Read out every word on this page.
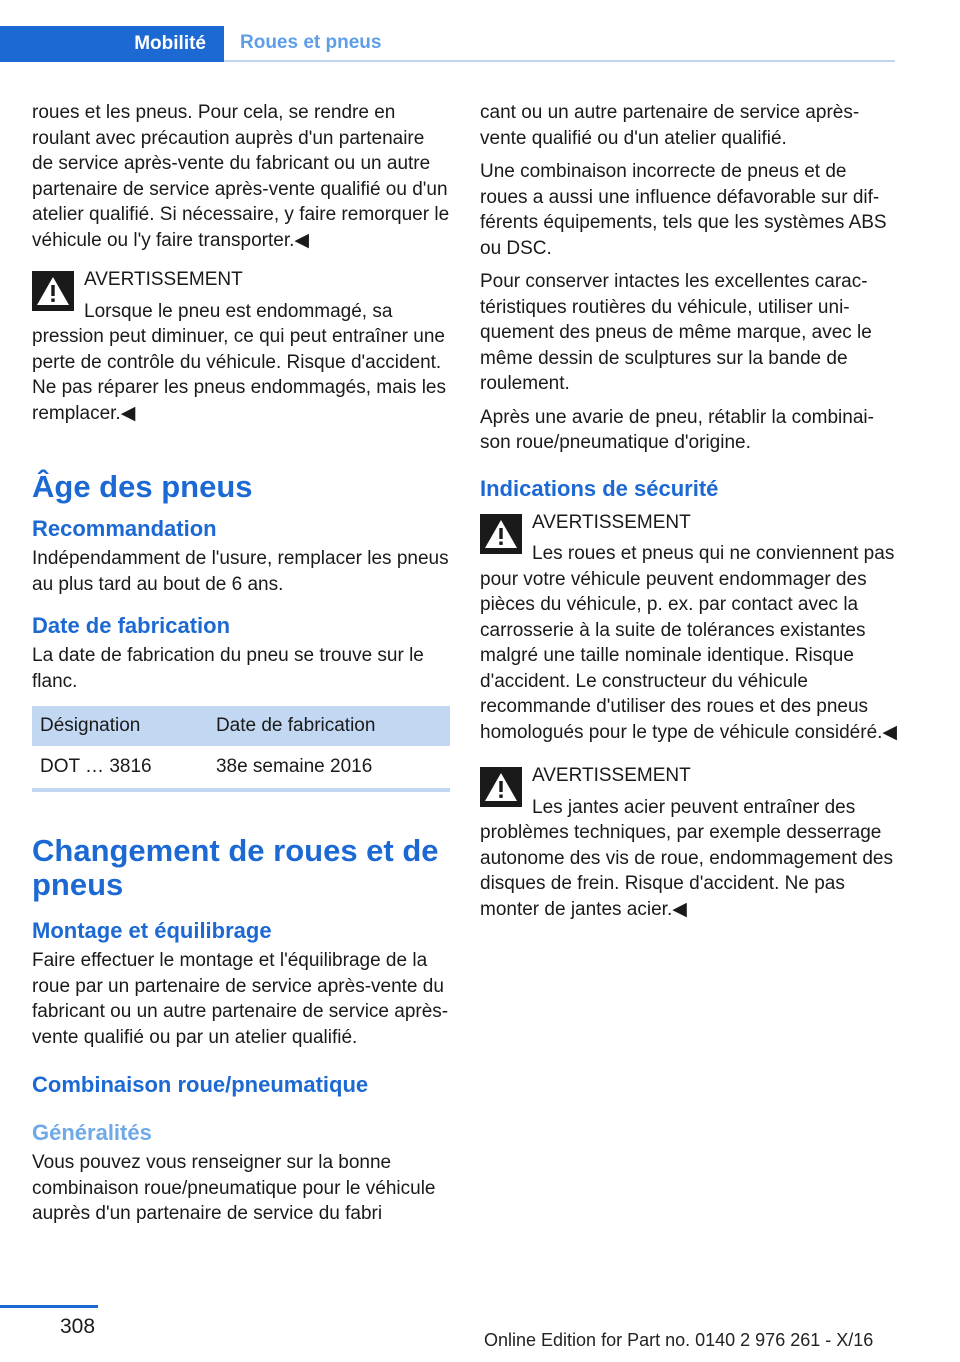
Mobilité	Roues et pneus

roues et les pneus. Pour cela, se rendre en roulant avec précaution auprès d'un partenaire de service après-vente du fabricant ou un autre partenaire de service après-vente qualifié ou d'un atelier qualifié. Si nécessaire, y faire remorquer le véhicule ou l'y faire transporter.◀

AVERTISSEMENT
Lorsque le pneu est endommagé, sa pression peut diminuer, ce qui peut entraîner une perte de contrôle du véhicule. Risque d'accident. Ne pas réparer les pneus endommagés, mais les remplacer.◀
Âge des pneus
Recommandation

Indépendamment de l'usure, remplacer les pneus au plus tard au bout de 6 ans.

Date de fabrication

La date de fabrication du pneu se trouve sur le flanc.

Désignation	Date de fabrication
DOT … 3816	38e semaine 2016
Changement de roues et de pneus
Montage et équilibrage

Faire effectuer le montage et l'équilibrage de la roue par un partenaire de service après-vente du fabricant ou un autre partenaire de service après-vente qualifié ou par un atelier qualifié.

Combinaison roue/pneumatique
Généralités

Vous pouvez vous renseigner sur la bonne combinaison roue/pneumatique pour le véhicule auprès d'un partenaire de service du fabri

cant ou un autre partenaire de service après-vente qualifié ou d'un atelier qualifié.

Une combinaison incorrecte de pneus et de roues a aussi une influence défavorable sur différents équipements, tels que les systèmes ABS ou DSC.

Pour conserver intactes les excellentes caractéristiques routières du véhicule, utiliser uniquement des pneus de même marque, avec le même dessin de sculptures sur la bande de roulement.

Après une avarie de pneu, rétablir la combinaison roue/pneumatique d'origine.

Indications de sécurité
AVERTISSEMENT
Les roues et pneus qui ne conviennent pas pour votre véhicule peuvent endommager des pièces du véhicule, p. ex. par contact avec la carrosserie à la suite de tolérances existantes malgré une taille nominale identique. Risque d'accident. Le constructeur du véhicule recommande d'utiliser des roues et des pneus homologués pour le type de véhicule considéré.◀
AVERTISSEMENT
Les jantes acier peuvent entraîner des problèmes techniques, par exemple desserrage autonome des vis de roue, endommagement des disques de frein. Risque d'accident. Ne pas monter de jantes acier.◀
308
Online Edition for Part no. 0140 2 976 261 - X/16
